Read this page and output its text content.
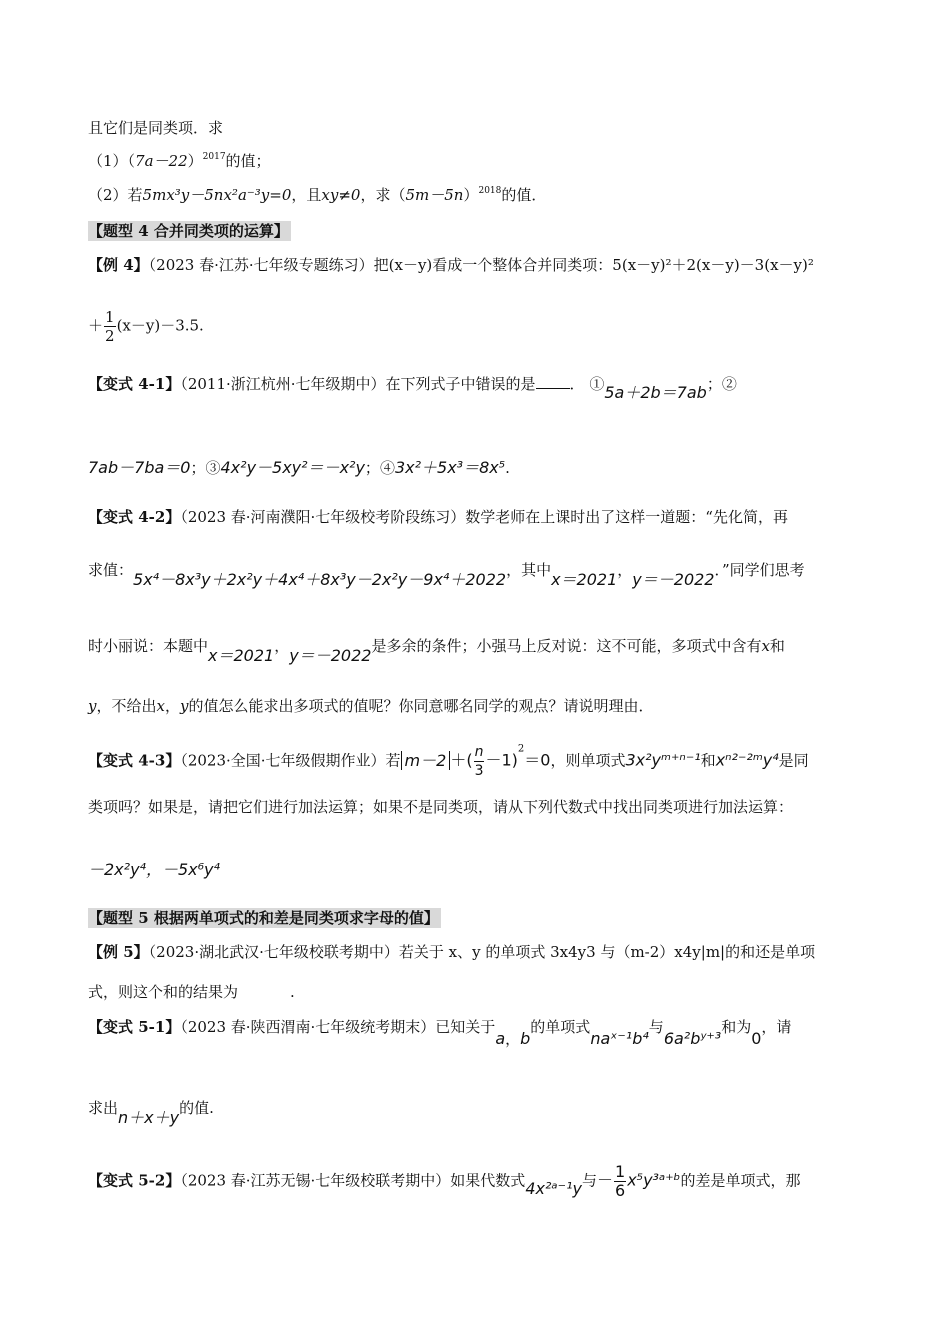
且它们是同类项．求
$(1)(7a-22)^{2017}$的值；
（2）若5mx³y－5nx²a⁻³y=0，且xy≠0，求$(5m-5n)^{2018}$的值．
【题型 4 合并同类项的运算】
【例 4】（2023 春·江苏·七年级专题练习）把(x－y)看成一个整体合并同类项：5(x－y)²＋2(x－y)－3(x－y)²
＋ $\frac{1}{2} (x-y)-3.5$.
【变式 4-1】（2011·浙江杭州·七年级期中）在下列式子中错误的是 ． ①5a＋2b＝7ab；②
7ab－7ba＝0；③4x²y－5xy²＝－x²y；④3x²＋5x³＝8x⁵.
【变式 4-2】（2023 春·河南濮阳·七年级校考阶段练习）数学老师在上课时出了这样一道题：“先化简，再
求值：5x⁴－8x³y＋2x²y＋4x⁴＋8x³y－2x²y－9x⁴＋2022，其中x＝2021，y＝－2022．”同学们思考
时小丽说：本题中x＝2021，y＝－2022是多余的条件；小强马上反对说：这不可能，多项式中含有x和
y，不给出x，y的值怎么能求出多项式的值呢？你同意哪名同学的观点？请说明理由．
【变式 4-3】（2023·全国·七年级假期作业）若 m－2 ＋( $\frac{n}{3} -1)^2=0$，则单项式3x²yᵐ⁺ⁿ⁻¹和xⁿ²⁻²ᵐy⁴是同
类项吗？如果是，请把它们进行加法运算；如果不是同类项，请从下列代数式中找出同类项进行加法运算：
－2x²y⁴，－5x⁶y⁴
【题型 5 根据两单项式的和差是同类项求字母的值】
【例 5】（2023·湖北武汉·七年级校联考期中）若关于 x、y 的单项式 3x4y3 与（m-2）x4y|m|的和还是单项
式，则这个和的结果为	.
【变式 5-1】（2023 春·陕西渭南·七年级统考期末）已知关于a，b的单项式naˣ⁻¹b⁴与6a²bʸ⁺³和为0，请
求出n＋x＋y的值.
【变式 5-2】（2023 春·江苏无锡·七年级校联考期中）如果代数式4x²ᵃ⁻¹y与－ $\frac{1}{6}$ x⁵y³ᵃ⁺ᵇ的差是单项式，那
